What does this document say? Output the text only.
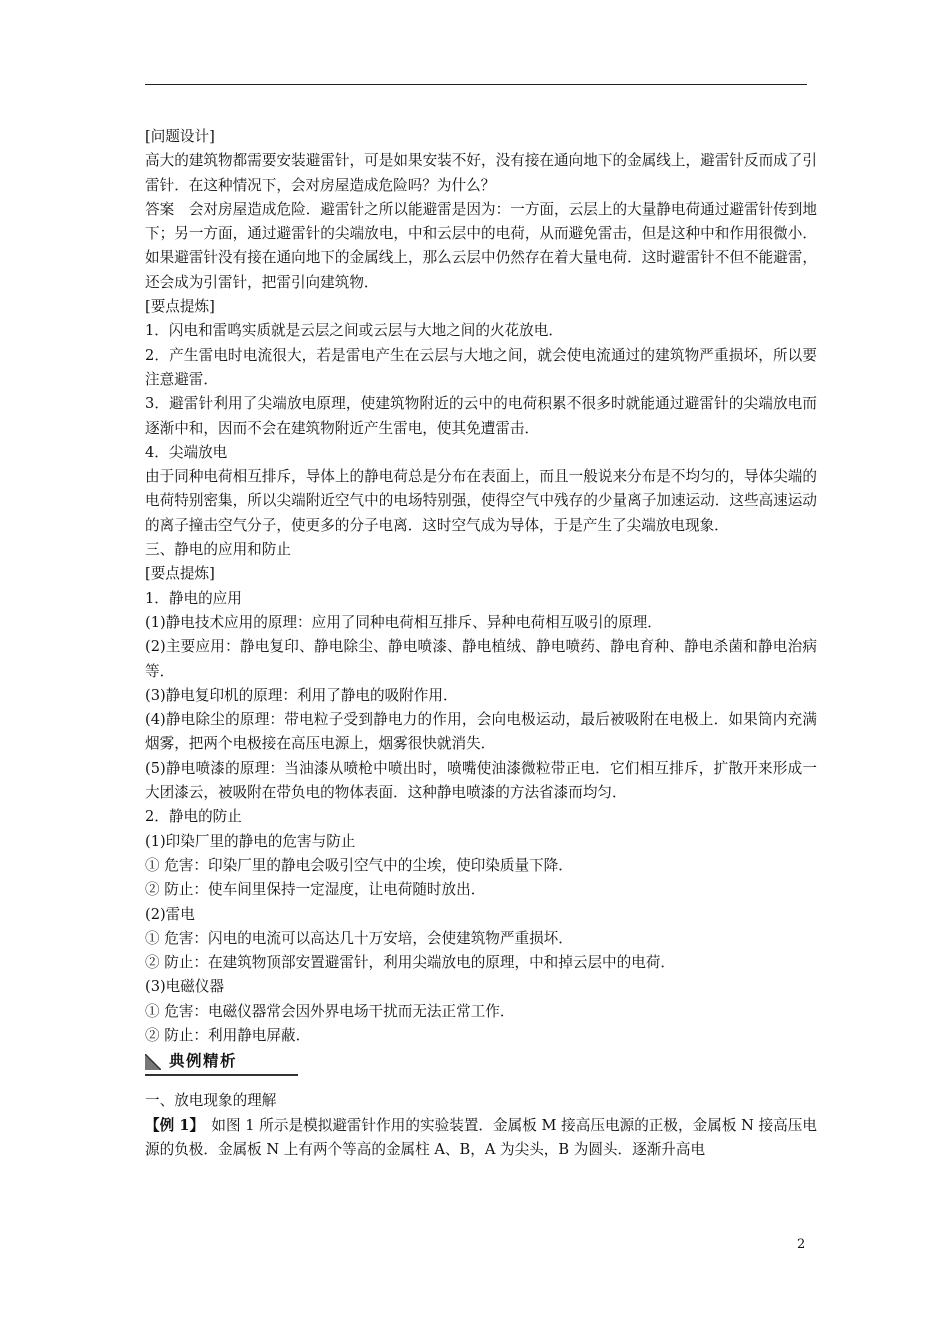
[问题设计]

高大的建筑物都需要安装避雷针，可是如果安装不好，没有接在通向地下的金属线上，避雷针反而成了引雷针．在这种情况下，会对房屋造成危险吗？为什么？

答案　会对房屋造成危险．避雷针之所以能避雷是因为：一方面，云层上的大量静电荷通过避雷针传到地下；另一方面，通过避雷针的尖端放电，中和云层中的电荷，从而避免雷击，但是这种中和作用很微小．如果避雷针没有接在通向地下的金属线上，那么云层中仍然存在着大量电荷．这时避雷针不但不能避雷，还会成为引雷针，把雷引向建筑物．

[要点提炼]

1．闪电和雷鸣实质就是云层之间或云层与大地之间的火花放电．

2．产生雷电时电流很大，若是雷电产生在云层与大地之间，就会使电流通过的建筑物严重损坏，所以要注意避雷．

3．避雷针利用了尖端放电原理，使建筑物附近的云中的电荷积累不很多时就能通过避雷针的尖端放电而逐渐中和，因而不会在建筑物附近产生雷电，使其免遭雷击．

4．尖端放电

由于同种电荷相互排斥，导体上的静电荷总是分布在表面上，而且一般说来分布是不均匀的，导体尖端的电荷特别密集，所以尖端附近空气中的电场特别强，使得空气中残存的少量离子加速运动．这些高速运动的离子撞击空气分子，使更多的分子电离．这时空气成为导体，于是产生了尖端放电现象．

三、静电的应用和防止

[要点提炼]

1．静电的应用

(1)静电技术应用的原理：应用了同种电荷相互排斥、异种电荷相互吸引的原理．

(2)主要应用：静电复印、静电除尘、静电喷漆、静电植绒、静电喷药、静电育种、静电杀菌和静电治病等．

(3)静电复印机的原理：利用了静电的吸附作用．

(4)静电除尘的原理：带电粒子受到静电力的作用，会向电极运动，最后被吸附在电极上．如果筒内充满烟雾，把两个电极接在高压电源上，烟雾很快就消失．

(5)静电喷漆的原理：当油漆从喷枪中喷出时，喷嘴使油漆微粒带正电．它们相互排斥，扩散开来形成一大团漆云，被吸附在带负电的物体表面．这种静电喷漆的方法省漆而均匀．

2．静电的防止

(1)印染厂里的静电的危害与防止

① 危害：印染厂里的静电会吸引空气中的尘埃，使印染质量下降．

② 防止：使车间里保持一定湿度，让电荷随时放出．

(2)雷电

① 危害：闪电的电流可以高达几十万安培，会使建筑物严重损坏．

② 防止：在建筑物顶部安置避雷针，利用尖端放电的原理，中和掉云层中的电荷．

(3)电磁仪器

① 危害：电磁仪器常会因外界电场干扰而无法正常工作．

② 防止：利用静电屏蔽．

典例精析

一、放电现象的理解

【例 1】　如图 1 所示是模拟避雷针作用的实验装置．金属板 M 接高压电源的正极，金属板 N 接高压电源的负极．金属板 N 上有两个等高的金属柱 A、B，A 为尖头，B 为圆头．逐渐升高电

2
